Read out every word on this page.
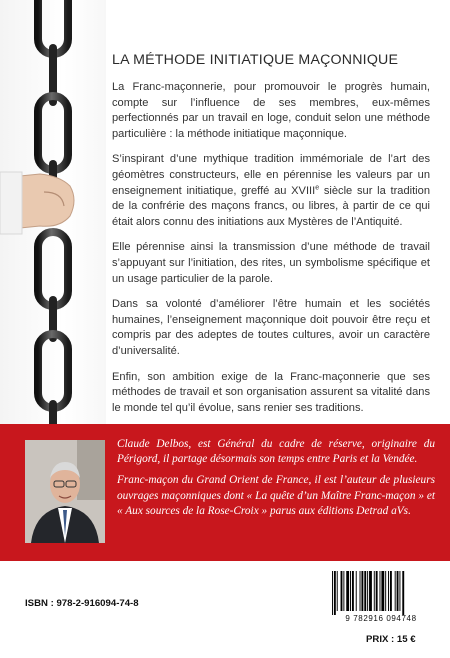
LA MÉTHODE INITIATIQUE MAÇONNIQUE

La Franc-maçonnerie, pour promouvoir le progrès humain, compte sur l’influence de ses membres, eux-mêmes perfectionnés par un travail en loge, conduit selon une méthode particulière : la méthode initiatique maçonnique.

S’inspirant d’une mythique tradition immémoriale de l’art des géomètres constructeurs, elle en pérennise les valeurs par un enseignement initiatique, greffé au XVIIIe siècle sur la tradition de la confrérie des maçons francs, ou libres, à partir de ce qui était alors connu des initiations aux Mystères de l’Antiquité.

Elle pérennise ainsi la transmission d’une méthode de travail s’appuyant sur l’initiation, des rites, un symbolisme spécifique et un usage particulier de la parole.

Dans sa volonté d’améliorer l’être humain et les sociétés humaines, l’enseignement maçonnique doit pouvoir être reçu et compris par des adeptes de toutes cultures, avoir un caractère d’universalité.

Enfin, son ambition exige de la Franc-maçonnerie que ses méthodes de travail et son organisation assurent sa vitalité dans le monde tel qu’il évolue, sans renier ses traditions.

Claude Delbos, est Général du cadre de réserve, originaire du Périgord, il partage désormais son temps entre Paris et la Vendée.

Franc-maçon du Grand Orient de France, il est l’auteur de plusieurs ouvrages maçonniques dont « La quête d’un Maître Franc-maçon » et « Aux sources de la Rose-Croix » parus aux éditions Detrad aVs.

ISBN : 978-2-916094-74-8
9 782916 094748
PRIX : 15 €
